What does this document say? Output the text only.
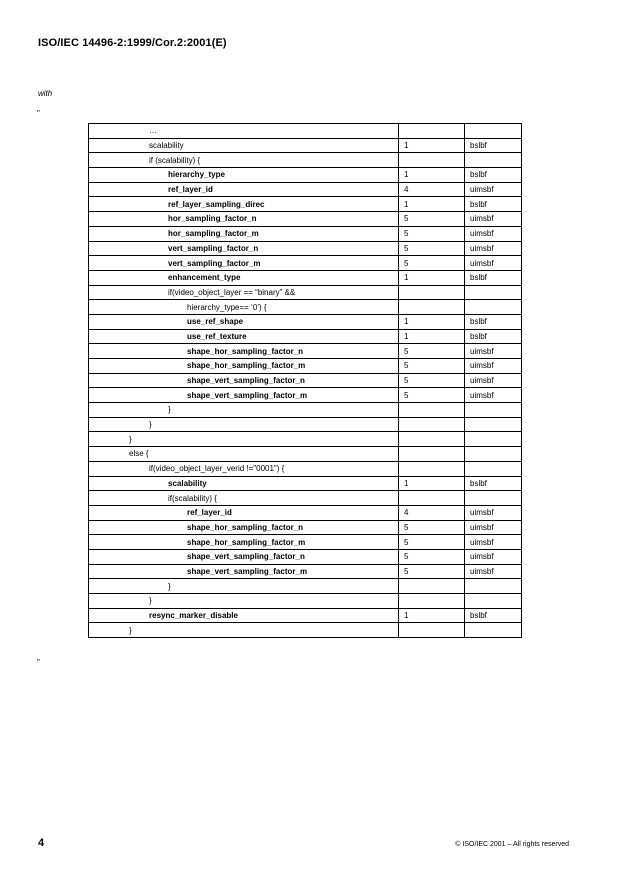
ISO/IEC 14496-2:1999/Cor.2:2001(E)
with
"
…		
scalability	1	bslbf
if (scalability) {		
hierarchy_type	1	bslbf
ref_layer_id	4	uimsbf
ref_layer_sampling_direc	1	bslbf
hor_sampling_factor_n	5	uimsbf
hor_sampling_factor_m	5	uimsbf
vert_sampling_factor_n	5	uimsbf
vert_sampling_factor_m	5	uimsbf
enhancement_type	1	bslbf
if(video_object_layer == “binary” &&		
hierarchy_type== ‘0’) {		
use_ref_shape	1	bslbf
use_ref_texture	1	bslbf
shape_hor_sampling_factor_n	5	uimsbf
shape_hor_sampling_factor_m	5	uimsbf
shape_vert_sampling_factor_n	5	uimsbf
shape_vert_sampling_factor_m	5	uimsbf
}		
}		
}		
else {		
if(video_object_layer_verid !="0001") {		
scalability	1	bslbf
if(scalability) {		
ref_layer_id	4	uimsbf
shape_hor_sampling_factor_n	5	uimsbf
shape_hor_sampling_factor_m	5	uimsbf
shape_vert_sampling_factor_n	5	uimsbf
shape_vert_sampling_factor_m	5	uimsbf
}		
}		
resync_marker_disable	1	bslbf
}		
"
4	© ISO/IEC 2001 – All rights reserved
